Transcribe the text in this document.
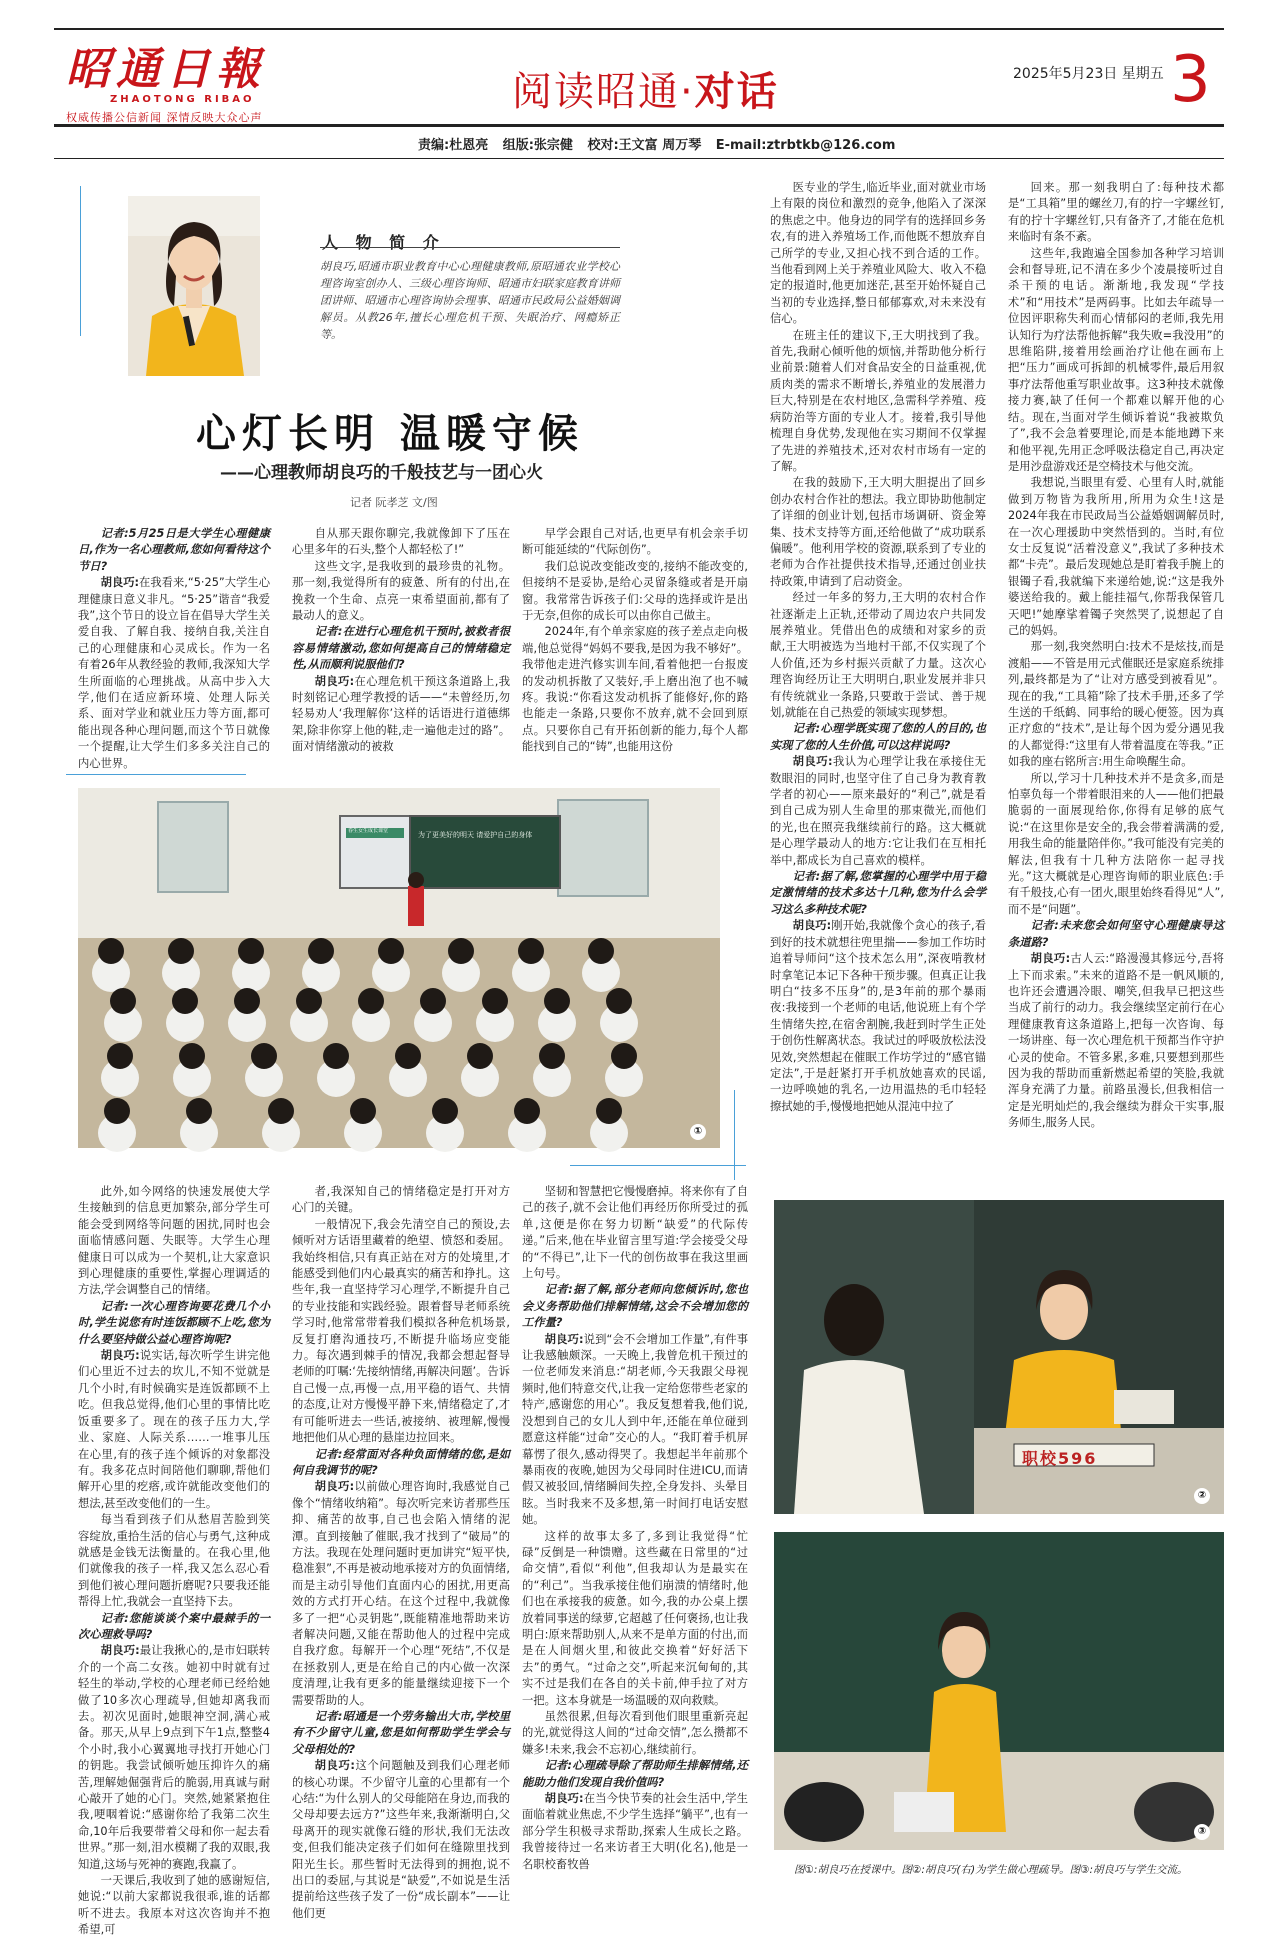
昭通日報
ZHAOTONG RIBAO
权威传播公信新闻 深情反映大众心声
阅读昭通·对话	2025年5月23日 星期五 3
责编:杜恩亮 组版:张宗健 校对:王文富 周万琴 E-mail:ztrbtkb@126.com
人 物 简 介
胡良巧,昭通市职业教育中心心理健康教师,原昭通农业学校心理咨询室创办人、三级心理咨询师、昭通市妇联家庭教育讲师团讲师、昭通市心理咨询协会理事、昭通市民政局公益婚姻调解员。从教26年,擅长心理危机干预、失眠治疗、网瘾矫正等。
心灯长明 温暖守候
——心理教师胡良巧的千般技艺与一团心火
记者 阮孝芝 文/图

记者:5月25日是大学生心理健康日,作为一名心理教师,您如何看待这个节日?

胡良巧:在我看来,“5·25”大学生心理健康日意义非凡。“5·25”谐音“我爱我”,这个节日的设立旨在倡导大学生关爱自我、了解自我、接纳自我,关注自己的心理健康和心灵成长。作为一名有着26年从教经验的教师,我深知大学生所面临的心理挑战。从高中步入大学,他们在适应新环境、处理人际关系、面对学业和就业压力等方面,都可能出现各种心理问题,而这个节日就像一个提醒,让大学生们多多关注自己的内心世界。

自从那天跟你聊完,我就像卸下了压在心里多年的石头,整个人都轻松了!”

这些文字,是我收到的最珍贵的礼物。那一刻,我觉得所有的疲惫、所有的付出,在挽救一个生命、点亮一束希望面前,都有了最动人的意义。

记者:在进行心理危机干预时,被救者很容易情绪激动,您如何提高自己的情绪稳定性,从而顺利说服他们?

胡良巧:在心理危机干预这条道路上,我时刻铭记心理学教授的话——“未曾经历,勿轻易劝人‘我理解你’这样的话语进行道德绑架,除非你穿上他的鞋,走一遍他走过的路”。面对情绪激动的被救

早学会跟自己对话,也更早有机会亲手切断可能延续的“代际创伤”。

我们总说改变能改变的,接纳不能改变的,但接纳不是妥协,是给心灵留条缝或者是开扇窗。我常常告诉孩子们:父母的选择或许是出于无奈,但你的成长可以由你自己做主。

2024年,有个单亲家庭的孩子差点走向极端,他总觉得“妈妈不要我,是因为我不够好”。我带他走进汽修实训车间,看着他把一台报废的发动机拆散了又装好,手上磨出泡了也不喊疼。我说:“你看这发动机拆了能修好,你的路也能走一条路,只要你不放弃,就不会回到原点。只要你自己有开拓创新的能力,每个人都能找到自己的“铸”,也能用这份

医专业的学生,临近毕业,面对就业市场上有限的岗位和激烈的竞争,他陷入了深深的焦虑之中。他身边的同学有的选择回乡务农,有的进入养殖场工作,而他既不想放弃自己所学的专业,又担心找不到合适的工作。当他看到网上关于养殖业风险大、收入不稳定的报道时,他更加迷茫,甚至开始怀疑自己当初的专业选择,整日郁郁寡欢,对未来没有信心。

在班主任的建议下,王大明找到了我。首先,我耐心倾听他的烦恼,并帮助他分析行业前景:随着人们对食品安全的日益重视,优质肉类的需求不断增长,养殖业的发展潜力巨大,特别是在农村地区,急需科学养殖、疫病防治等方面的专业人才。接着,我引导他梳理自身优势,发现他在实习期间不仅掌握了先进的养殖技术,还对农村市场有一定的了解。

在我的鼓励下,王大明大胆提出了回乡创办农村合作社的想法。我立即协助他制定了详细的创业计划,包括市场调研、资金筹集、技术支持等方面,还给他做了“成功联系偏暖”。他利用学校的资源,联系到了专业的老师为合作社提供技术指导,还通过创业扶持政策,申请到了启动资金。

经过一年多的努力,王大明的农村合作社逐渐走上正轨,还带动了周边农户共同发展养殖业。凭借出色的成绩和对家乡的贡献,王大明被选为当地村干部,不仅实现了个人价值,还为乡村振兴贡献了力量。这次心理咨询经历让王大明明白,职业发展并非只有传统就业一条路,只要敢于尝试、善于规划,就能在自己热爱的领域实现梦想。

记者:心理学既实现了您的人的目的,也实现了您的人生价值,可以这样说吗?

胡良巧:我认为心理学让我在承接住无数眼泪的同时,也坚守住了自己身为教育教学者的初心——原来最好的“利己”,就是看到自己成为别人生命里的那束微光,而他们的光,也在照亮我继续前行的路。这大概就是心理学最动人的地方:它让我们在互相托举中,都成长为自己喜欢的模样。

记者:据了解,您掌握的心理学中用于稳定激情绪的技术多达十几种,您为什么会学习这么多种技术呢?

胡良巧:刚开始,我就像个贪心的孩子,看到好的技术就想往兜里揣——参加工作坊时追着导师问“这个技术怎么用”,深夜啃教材时拿笔记本记下各种干预步骤。但真正让我明白“技多不压身”的,是3年前的那个暴雨夜:我接到一个老师的电话,他说班上有个学生情绪失控,在宿舍割腕,我赶到时学生正处于创伤性解离状态。我试过的呼吸放松法没见效,突然想起在催眠工作坊学过的“感官锚定法”,于是赶紧打开手机放她喜欢的民谣,一边呼唤她的乳名,一边用温热的毛巾轻轻擦拭她的手,慢慢地把她从混沌中拉了

回来。那一刻我明白了:每种技术都是“工具箱”里的螺丝刀,有的拧一字螺丝钉,有的拧十字螺丝钉,只有备齐了,才能在危机来临时有条不紊。

这些年,我跑遍全国参加各种学习培训会和督导班,记不清在多少个凌晨接听过自杀干预的电话。渐渐地,我发现“学技术”和“用技术”是两码事。比如去年疏导一位因评职称失利而心情郁闷的老师,我先用认知行为疗法帮他拆解“我失败=我没用”的思维陷阱,接着用绘画治疗让他在画布上把“压力”画成可拆卸的机械零件,最后用叙事疗法帮他重写职业故事。这3种技术就像接力赛,缺了任何一个都难以解开他的心结。现在,当面对学生倾诉着说“我被欺负了”,我不会急着要理论,而是本能地蹲下来和他平视,先用正念呼吸法稳定自己,再决定是用沙盘游戏还是空椅技术与他交流。

我想说,当眼里有爱、心里有人时,就能做到万物皆为我所用,所用为众生!这是2024年我在市民政局当公益婚姻调解员时,在一次心理援助中突然悟到的。当时,有位女士反复说“活着没意义”,我试了多种技术都“卡壳”。最后发现她总是盯着我手腕上的银镯子看,我就编下来递给她,说:“这是我外婆送给我的。戴上能挂福气,你帮我保管几天吧!”她摩挲着镯子突然哭了,说想起了自己的妈妈。

那一刻,我突然明白:技术不是炫技,而是渡船——不管是用元式催眠还是家庭系统排列,最终都是为了“让对方感受到被看见”。现在的我,“工具箱”除了技术手册,还多了学生送的千纸鹤、同事给的暖心便签。因为真正疗愈的“技术”,是让每个因为爱分遇见我的人都觉得:“这里有人带着温度在等我。”正如我的座右铭所言:用生命唤醒生命。

所以,学习十几种技术并不是贪多,而是怕辜负每一个带着眼泪来的人——他们把最脆弱的一面展现给你,你得有足够的底气说:“在这里你是安全的,我会带着满满的爱,用我生命的能量陪伴你。”我可能没有完美的解法,但我有十几种方法陪你一起寻找光。”这大概就是心理咨询师的职业底色:手有千般技,心有一团火,眼里始终看得见“人”,而不是“问题”。

记者:未来您会如何坚守心理健康导这条道路?

胡良巧:古人云:“路漫漫其修远兮,吾将上下而求索。”未来的道路不是一帆风顺的,也许还会遭遇冷眼、嘲笑,但我早已把这些当成了前行的动力。我会继续坚定前行在心理健康教育这条道路上,把每一次咨询、每一场讲座、每一次心理危机干预都当作守护心灵的使命。不管多累,多难,只要想到那些因为我的帮助而重新燃起希望的笑脸,我就浑身充满了力量。前路虽漫长,但我相信一定是光明灿烂的,我会继续为群众干实事,服务师生,服务人民。

春生女生成长课堂	为了更美好的明天 请爱护自己的身体
①

此外,如今网络的快速发展使大学生接触到的信息更加繁杂,部分学生可能会受到网络等问题的困扰,同时也会面临情感问题、失眠等。大学生心理健康日可以成为一个契机,让大家意识到心理健康的重要性,掌握心理调适的方法,学会调整自己的情绪。

记者:一次心理咨询要花费几个小时,学生说您有时连饭都顾不上吃,您为什么要坚持做公益心理咨询呢?

胡良巧:说实话,每次听学生讲完他们心里近不过去的坎儿,不知不觉就是几个小时,有时候确实是连饭都顾不上吃。但我总觉得,他们心里的事情比吃饭重要多了。现在的孩子压力大,学业、家庭、人际关系……一堆事儿压在心里,有的孩子连个倾诉的对象都没有。我多花点时间陪他们聊聊,帮他们解开心里的疙瘩,或许就能改变他们的想法,甚至改变他们的一生。

每当看到孩子们从愁眉苦脸到笑容绽放,重拾生活的信心与勇气,这种成就感是金钱无法衡量的。在我心里,他们就像我的孩子一样,我又怎么忍心看到他们被心理问题折磨呢?只要我还能帮得上忙,我就会一直坚持下去。

记者:您能谈谈个案中最棘手的一次心理救导吗?

胡良巧:最让我揪心的,是市妇联转介的一个高二女孩。她初中时就有过轻生的举动,学校的心理老师已经给她做了10多次心理疏导,但她却离我而去。初次见面时,她眼神空洞,满心戒备。那天,从早上9点到下午1点,整整4个小时,我小心翼翼地寻找打开她心门的钥匙。我尝试倾听她压抑许久的痛苦,理解她倔强背后的脆弱,用真诚与耐心敲开了她的心门。突然,她紧紧抱住我,哽咽着说:“感谢你给了我第二次生命,10年后我要带着父母和你一起去看世界。”那一刻,泪水模糊了我的双眼,我知道,这场与死神的赛跑,我赢了。

一天课后,我收到了她的感谢短信,她说:“以前大家都说我很乖,谁的话都听不进去。我原本对这次咨询并不抱希望,可

者,我深知自己的情绪稳定是打开对方心门的关键。

一般情况下,我会先清空自己的预设,去倾听对方话语里藏着的绝望、愤怒和委屈。我始终相信,只有真正站在对方的处境里,才能感受到他们内心最真实的痛苦和挣扎。这些年,我一直坚持学习心理学,不断提升自己的专业技能和实践经验。跟着督导老师系统学习时,他常常带着我们模拟各种危机场景,反复打磨沟通技巧,不断提升临场应变能力。每次遇到棘手的情况,我都会想起督导老师的叮嘱:‘先接纳情绪,再解决问题’。告诉自己慢一点,再慢一点,用平稳的语气、共情的态度,让对方慢慢平静下来,情绪稳定了,才有可能听进去一些话,被接纳、被理解,慢慢地把他们从心理的悬崖边拉回来。

记者:经常面对各种负面情绪的您,是如何自我调节的呢?

胡良巧:以前做心理咨询时,我感觉自己像个“情绪收纳箱”。每次听完来访者那些压抑、痛苦的故事,自己也会陷入情绪的泥潭。直到接触了催眠,我才找到了“破局”的方法。我现在处理问题时更加讲究“短平快,稳准狠”,不再是被动地承接对方的负面情绪,而是主动引导他们直面内心的困扰,用更高效的方式打开心结。在这个过程中,我就像多了一把“心灵钥匙”,既能精准地帮助来访者解决问题,又能在帮助他人的过程中完成自我疗愈。每解开一个心理“死结”,不仅是在拯救别人,更是在给自己的内心做一次深度清理,让我有更多的能量继续迎接下一个需要帮助的人。

记者:昭通是一个劳务输出大市,学校里有不少留守儿童,您是如何帮助学生学会与父母相处的?

胡良巧:这个问题触及到我们心理老师的核心功课。不少留守儿童的心里都有一个心结:“为什么别人的父母能陪在身边,而我的父母却要去远方?”这些年来,我渐渐明白,父母离开的现实就像石缝的形状,我们无法改变,但我们能决定孩子们如何在缝隙里找到阳光生长。那些暂时无法得到的拥抱,说不出口的委屈,与其说是“缺爱”,不如说是生活提前给这些孩子发了一份“成长副本”——让他们更

坚韧和智慧把它慢慢磨掉。将来你有了自己的孩子,就不会让他们再经历你所受过的孤单,这便是你在努力切断“缺爱”的代际传递。”后来,他在毕业留言里写道:学会接受父母的“不得已”,让下一代的创伤故事在我这里画上句号。

记者:据了解,部分老师向您倾诉时,您也会义务帮助他们排解情绪,这会不会增加您的工作量?

胡良巧:说到“会不会增加工作量”,有件事让我感触颇深。一天晚上,我曾危机干预过的一位老师发来消息:“胡老师,今天我跟父母视频时,他们特意交代,让我一定给您带些老家的特产,感谢您的用心”。我反复想着我,他们说,没想到自己的女儿人到中年,还能在单位碰到愿意这样能“过命”交心的人。“我盯着手机屏幕愣了很久,感动得哭了。我想起半年前那个暴雨夜的夜晚,她因为父母同时住进ICU,而请假又被驳回,情绪瞬间失控,全身发抖、头晕目眩。当时我来不及多想,第一时间打电话安慰她。

这样的故事太多了,多到让我觉得“忙碌”反倒是一种馈赠。这些藏在日常里的“过命交情”,看似“利他”,但我却认为是最实在的“利己”。当我承接住他们崩溃的情绪时,他们也在承接我的疲惫。如今,我的办公桌上摆放着同事送的绿萝,它超越了任何褒扬,也让我明白:原来帮助别人,从来不是单方面的付出,而是在人间烟火里,和彼此交换着“好好活下去”的勇气。“过命之交”,听起来沉甸甸的,其实不过是我们在各自的关卡前,伸手拉了对方一把。这本身就是一场温暖的双向救赎。

虽然很累,但每次看到他们眼里重新亮起的光,就觉得这人间的“过命交情”,怎么攒都不嫌多!未来,我会不忘初心,继续前行。

记者:心理疏导除了帮助师生排解情绪,还能助力他们发现自我价值吗?

胡良巧:在当今快节奏的社会生活中,学生面临着就业焦虑,不少学生选择“躺平”,也有一部分学生积极寻求帮助,探索人生成长之路。我曾接待过一名来访者王大明(化名),他是一名职校畜牧兽

职校596
②
③
图①:胡良巧在授课中。图②:胡良巧(右)为学生做心理疏导。图③:胡良巧与学生交流。
